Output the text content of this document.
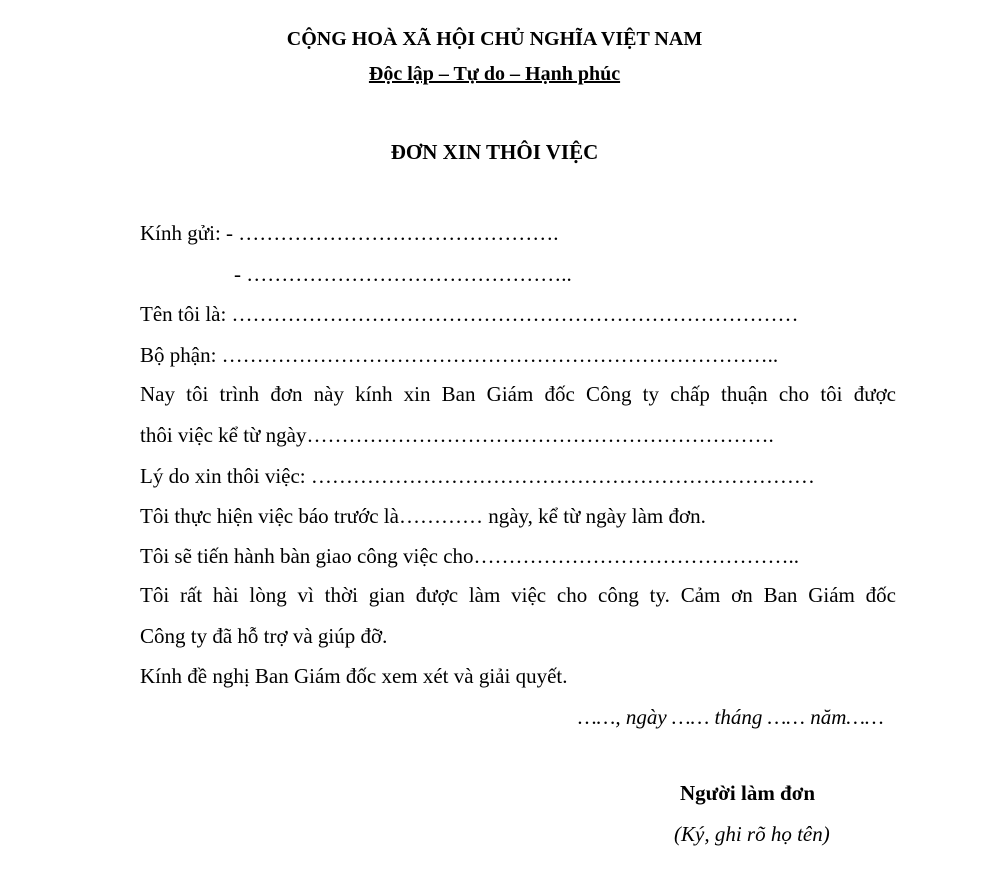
CỘNG HOÀ XÃ HỘI CHỦ NGHĨA VIỆT NAM
Độc lập – Tự do – Hạnh phúc
ĐƠN XIN THÔI VIỆC
Kính gửi: - ……………………………………….
- ………………………………………..
Tên tôi là: ………………………………………………………………………
Bộ phận: ……………………………………………………………………..
Nay tôi trình đơn này kính xin Ban Giám đốc Công ty chấp thuận cho tôi được
thôi việc kể từ ngày………………………………………………………….
Lý do xin thôi việc: ………………………………………………………………
Tôi thực hiện việc báo trước là………… ngày, kể từ ngày làm đơn.
Tôi sẽ tiến hành bàn giao công việc cho………………………………………..
Tôi rất hài lòng vì thời gian được làm việc cho công ty. Cảm ơn Ban Giám đốc
Công ty đã hỗ trợ và giúp đỡ.
Kính đề nghị Ban Giám đốc xem xét và giải quyết.
……, ngày …… tháng …… năm……
Người làm đơn
(Ký, ghi rõ họ tên)
